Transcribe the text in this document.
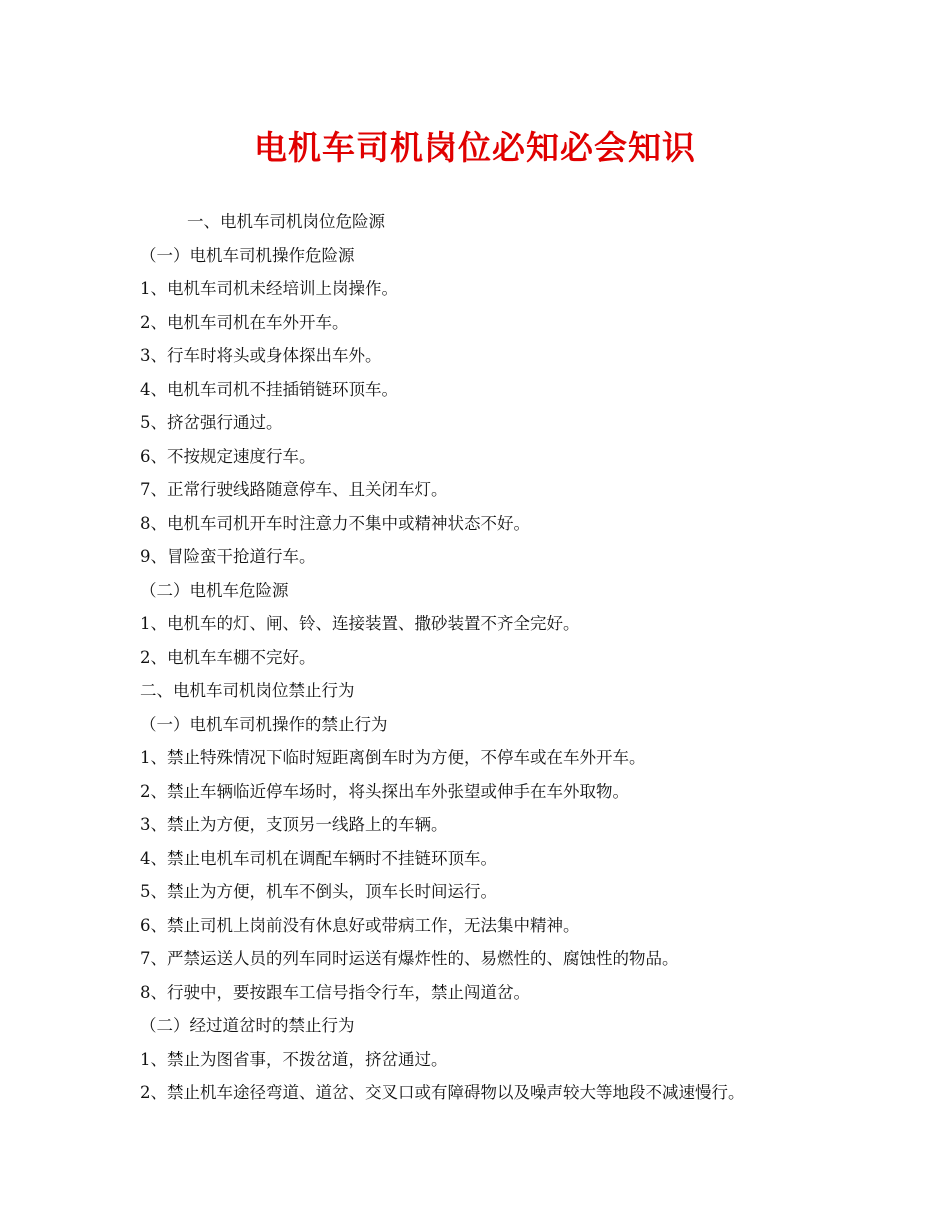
电机车司机岗位必知必会知识
一、电机车司机岗位危险源
（一）电机车司机操作危险源
1、电机车司机未经培训上岗操作。
2、电机车司机在车外开车。
3、行车时将头或身体探出车外。
4、电机车司机不挂插销链环顶车。
5、挤岔强行通过。
6、不按规定速度行车。
7、正常行驶线路随意停车、且关闭车灯。
8、电机车司机开车时注意力不集中或精神状态不好。
9、冒险蛮干抢道行车。
（二）电机车危险源
1、电机车的灯、闸、铃、连接装置、撒砂装置不齐全完好。
2、电机车车棚不完好。
二、电机车司机岗位禁止行为
（一）电机车司机操作的禁止行为
1、禁止特殊情况下临时短距离倒车时为方便，不停车或在车外开车。
2、禁止车辆临近停车场时，将头探出车外张望或伸手在车外取物。
3、禁止为方便，支顶另一线路上的车辆。
4、禁止电机车司机在调配车辆时不挂链环顶车。
5、禁止为方便，机车不倒头，顶车长时间运行。
6、禁止司机上岗前没有休息好或带病工作，无法集中精神。
7、严禁运送人员的列车同时运送有爆炸性的、易燃性的、腐蚀性的物品。
8、行驶中，要按跟车工信号指令行车，禁止闯道岔。
（二）经过道岔时的禁止行为
1、禁止为图省事，不拨岔道，挤岔通过。
2、禁止机车途径弯道、道岔、交叉口或有障碍物以及噪声较大等地段不减速慢行。
